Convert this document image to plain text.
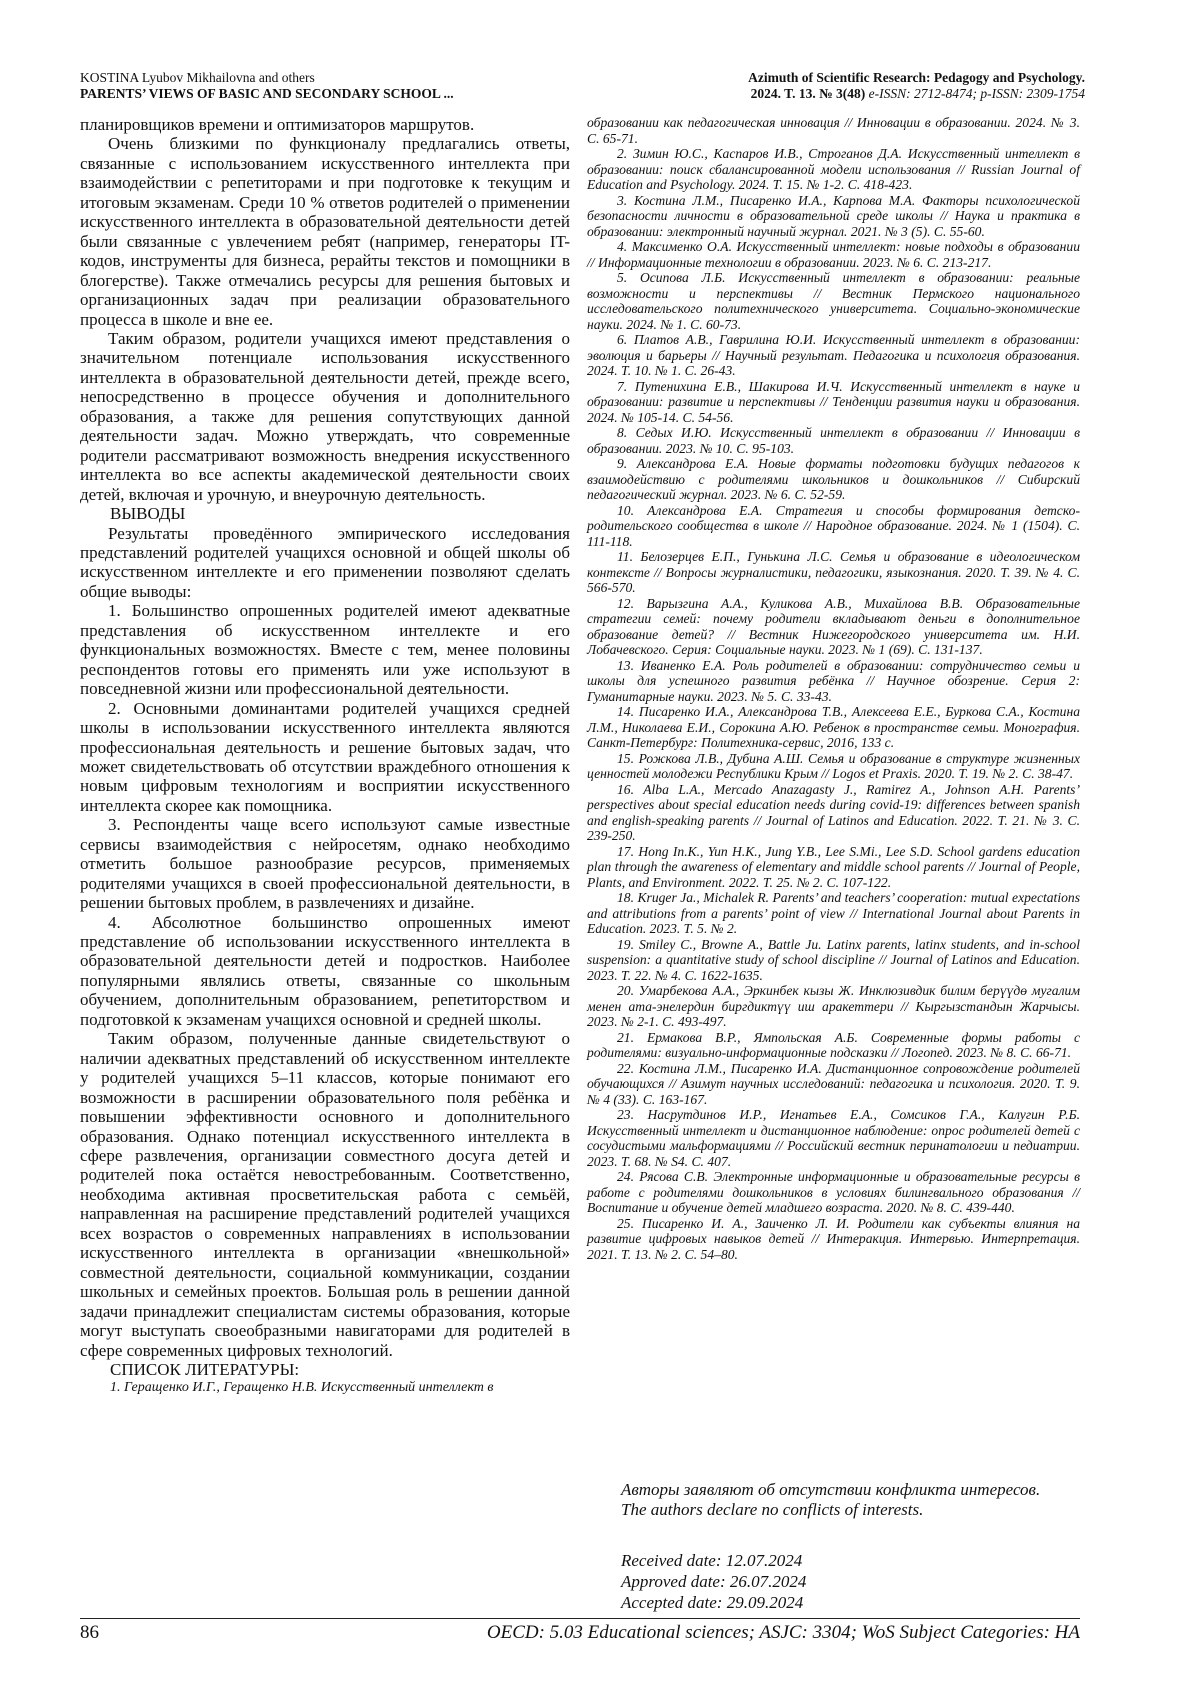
KOSTINA Lyubov Mikhailovna and others
PARENTS’ VIEWS OF BASIC AND SECONDARY SCHOOL ...
Azimuth of Scientific Research: Pedagogy and Psychology.
2024. T. 13. № 3(48) e-ISSN: 2712-8474; p-ISSN: 2309-1754

планировщиков времени и оптимизаторов маршрутов.

Очень близкими по функционалу предлагались ответы, связанные с использованием искусственного интеллекта при взаимодействии с репетиторами и при подготовке к текущим и итоговым экзаменам. Среди 10 % ответов родителей о применении искусственного интеллекта в образовательной деятельности детей были связанные с увлечением ребят (например, генераторы IT-кодов, инструменты для бизнеса, рерайты текстов и помощники в блогерстве). Также отмечались ресурсы для решения бытовых и организационных задач при реализации образовательного процесса в школе и вне ее.

Таким образом, родители учащихся имеют представления о значительном потенциале использования искусственного интеллекта в образовательной деятельности детей, прежде всего, непосредственно в процессе обучения и дополнительного образования, а также для решения сопутствующих данной деятельности задач. Можно утверждать, что современные родители рассматривают возможность внедрения искусственного интеллекта во все аспекты академической деятельности своих детей, включая и урочную, и внеурочную деятельность.

ВЫВОДЫ

Результаты проведённого эмпирического исследования представлений родителей учащихся основной и общей школы об искусственном интеллекте и его применении позволяют сделать общие выводы:

1. Большинство опрошенных родителей имеют адекватные представления об искусственном интеллекте и его функциональных возможностях. Вместе с тем, менее половины респондентов готовы его применять или уже используют в повседневной жизни или профессиональной деятельности.

2. Основными доминантами родителей учащихся средней школы в использовании искусственного интеллекта являются профессиональная деятельность и решение бытовых задач, что может свидетельствовать об отсутствии враждебного отношения к новым цифровым технологиям и восприятии искусственного интеллекта скорее как помощника.

3. Респонденты чаще всего используют самые известные сервисы взаимодействия с нейросетям, однако необходимо отметить большое разнообразие ресурсов, применяемых родителями учащихся в своей профессиональной деятельности, в решении бытовых проблем, в развлечениях и дизайне.

4. Абсолютное большинство опрошенных имеют представление об использовании искусственного интеллекта в образовательной деятельности детей и подростков. Наиболее популярными являлись ответы, связанные со школьным обучением, дополнительным образованием, репетиторством и подготовкой к экзаменам учащихся основной и средней школы.

Таким образом, полученные данные свидетельствуют о наличии адекватных представлений об искусственном интеллекте у родителей учащихся 5–11 классов, которые понимают его возможности в расширении образовательного поля ребёнка и повышении эффективности основного и дополнительного образования. Однако потенциал искусственного интеллекта в сфере развлечения, организации совместного досуга детей и родителей пока остаётся невостребованным. Соответственно, необходима активная просветительская работа с семьёй, направленная на расширение представлений родителей учащихся всех возрастов о современных направлениях в использовании искусственного интеллекта в организации «внешкольной» совместной деятельности, социальной коммуникации, создании школьных и семейных проектов. Большая роль в решении данной задачи принадлежит специалистам системы образования, которые могут выступать своеобразными навигаторами для родителей в сфере современных цифровых технологий.

СПИСОК ЛИТЕРАТУРЫ:

1. Геращенко И.Г., Геращенко Н.В. Искусственный интеллект в

образовании как педагогическая инновация // Инновации в образовании. 2024. № 3. С. 65-71.

2. Зимин Ю.С., Каспаров И.В., Строганов Д.А. Искусственный интеллект в образовании: поиск сбалансированной модели использования // Russian Journal of Education and Psychology. 2024. Т. 15. № 1-2. С. 418-423.

3. Костина Л.М., Писаренко И.А., Карпова М.А. Факторы психологической безопасности личности в образовательной среде школы // Наука и практика в образовании: электронный научный журнал. 2021. № 3 (5). С. 55-60.

4. Максименко О.А. Искусственный интеллект: новые подходы в образовании // Информационные технологии в образовании. 2023. № 6. С. 213-217.

5. Осипова Л.Б. Искусственный интеллект в образовании: реальные возможности и перспективы // Вестник Пермского национального исследовательского политехнического университета. Социально-экономические науки. 2024. № 1. С. 60-73.

6. Платов А.В., Гаврилина Ю.И. Искусственный интеллект в образовании: эволюция и барьеры // Научный результат. Педагогика и психология образования. 2024. Т. 10. № 1. С. 26-43.

7. Путенихина Е.В., Шакирова И.Ч. Искусственный интеллект в науке и образовании: развитие и перспективы // Тенденции развития науки и образования. 2024. № 105-14. С. 54-56.

8. Седых И.Ю. Искусственный интеллект в образовании // Инновации в образовании. 2023. № 10. С. 95-103.

9. Александрова Е.А. Новые форматы подготовки будущих педагогов к взаимодействию с родителями школьников и дошкольников // Сибирский педагогический журнал. 2023. № 6. С. 52-59.

10. Александрова Е.А. Стратегия и способы формирования детско-родительского сообщества в школе // Народное образование. 2024. № 1 (1504). С. 111-118.

11. Белозерцев Е.П., Гунькина Л.С. Семья и образование в идеологическом контексте // Вопросы журналистики, педагогики, языкознания. 2020. Т. 39. № 4. С. 566-570.

12. Варызгина А.А., Куликова А.В., Михайлова В.В. Образовательные стратегии семей: почему родители вкладывают деньги в дополнительное образование детей? // Вестник Нижегородского университета им. Н.И. Лобачевского. Серия: Социальные науки. 2023. № 1 (69). С. 131-137.

13. Иваненко Е.А. Роль родителей в образовании: сотрудничество семьи и школы для успешного развития ребёнка // Научное обозрение. Серия 2: Гуманитарные науки. 2023. № 5. С. 33-43.

14. Писаренко И.А., Александрова Т.В., Алексеева Е.Е., Буркова С.А., Костина Л.М., Николаева Е.И., Сорокина А.Ю. Ребенок в пространстве семьи. Монография. Санкт-Петербург: Политехника-сервис, 2016, 133 с.

15. Рожкова Л.В., Дубина А.Ш. Семья и образование в структуре жизненных ценностей молодежи Республики Крым // Logos et Praxis. 2020. Т. 19. № 2. С. 38-47.

16. Alba L.A., Mercado Anazagasty J., Ramirez A., Johnson A.H. Parents’ perspectives about special education needs during covid-19: differences between spanish and english-speaking parents // Journal of Latinos and Education. 2022. Т. 21. № 3. С. 239-250.

17. Hong In.K., Yun H.K., Jung Y.B., Lee S.Mi., Lee S.D. School gardens education plan through the awareness of elementary and middle school parents // Journal of People, Plants, and Environment. 2022. Т. 25. № 2. С. 107-122.

18. Kruger Ja., Michalek R. Parents’ and teachers’ cooperation: mutual expectations and attributions from a parents’ point of view // International Journal about Parents in Education. 2023. Т. 5. № 2.

19. Smiley C., Browne A., Battle Ju. Latinx parents, latinx students, and in-school suspension: a quantitative study of school discipline // Journal of Latinos and Education. 2023. Т. 22. № 4. С. 1622-1635.

20. Умарбекова А.А., Эркинбек кызы Ж. Инклюзивдик билим берүүдө мугалим менен ата-энелердин биргдиктүү иш аракеттери // Кыргызстандын Жарчысы. 2023. № 2-1. С. 493-497.

21. Ермакова В.Р., Ямпольская А.Б. Современные формы работы с родителями: визуально-информационные подсказки // Логопед. 2023. № 8. С. 66-71.

22. Костина Л.М., Писаренко И.А. Дистанционное сопровождение родителей обучающихся // Азимут научных исследований: педагогика и психология. 2020. Т. 9. № 4 (33). С. 163-167.

23. Насрутдинов И.Р., Игнатьев Е.А., Сомсиков Г.А., Калугин Р.Б. Искусственный интеллект и дистанционное наблюдение: опрос родителей детей с сосудистыми мальформациями // Российский вестник перинатологии и педиатрии. 2023. Т. 68. № S4. С. 407.

24. Рясова С.В. Электронные информационные и образовательные ресурсы в работе с родителями дошкольников в условиях билингвального образования // Воспитание и обучение детей младшего возраста. 2020. № 8. С. 439-440.

25. Писаренко И. А., Заиченко Л. И. Родители как субъекты влияния на развитие цифровых навыков детей // Интеракция. Интервью. Интерпретация. 2021. Т. 13. № 2. С. 54–80.

Авторы заявляют об отсутствии конфликта интересов.

The authors declare no conflicts of interests.

Received date: 12.07.2024
Approved date: 26.07.2024
Accepted date: 29.09.2024
86	OECD: 5.03 Educational sciences; ASJC: 3304; WoS Subject Categories: HA
